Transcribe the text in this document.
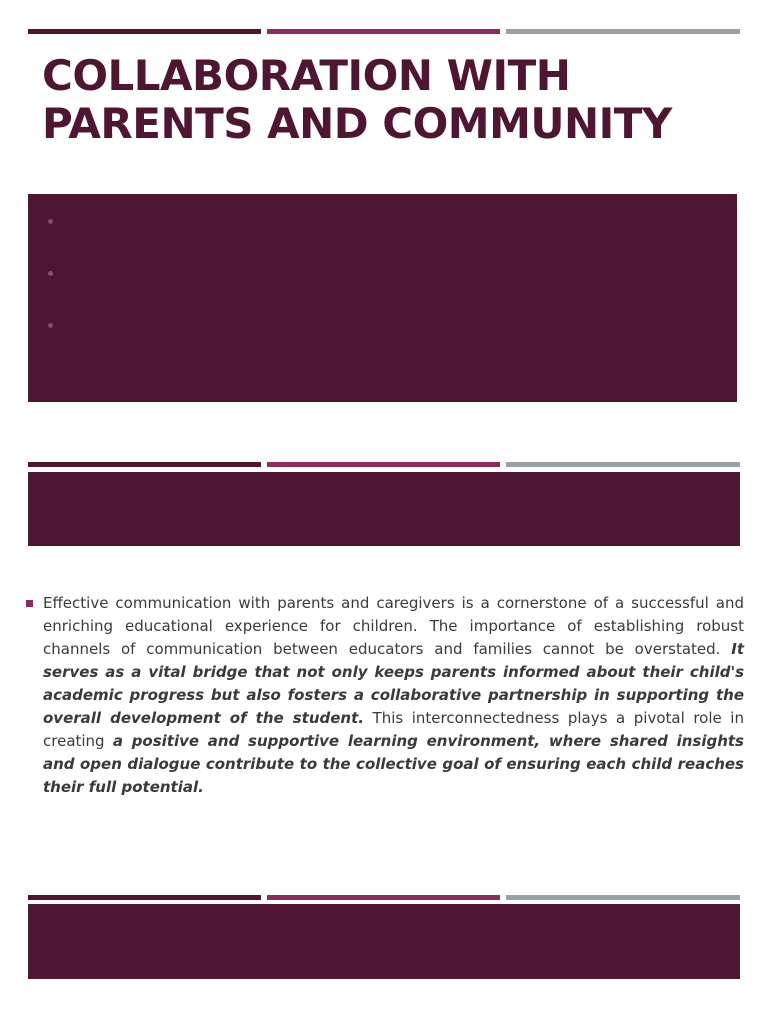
COLLABORATION WITH
PARENTS AND COMMUNITY

Effective communication with parents and caregivers is a cornerstone of a successful and enriching educational experience for children. The importance of establishing robust channels of communication between educators and families cannot be overstated. It serves as a vital bridge that not only keeps parents informed about their child's academic progress but also fosters a collaborative partnership in supporting the overall development of the student. This interconnectedness plays a pivotal role in creating a positive and supportive learning environment, where shared insights and open dialogue contribute to the collective goal of ensuring each child reaches their full potential.
